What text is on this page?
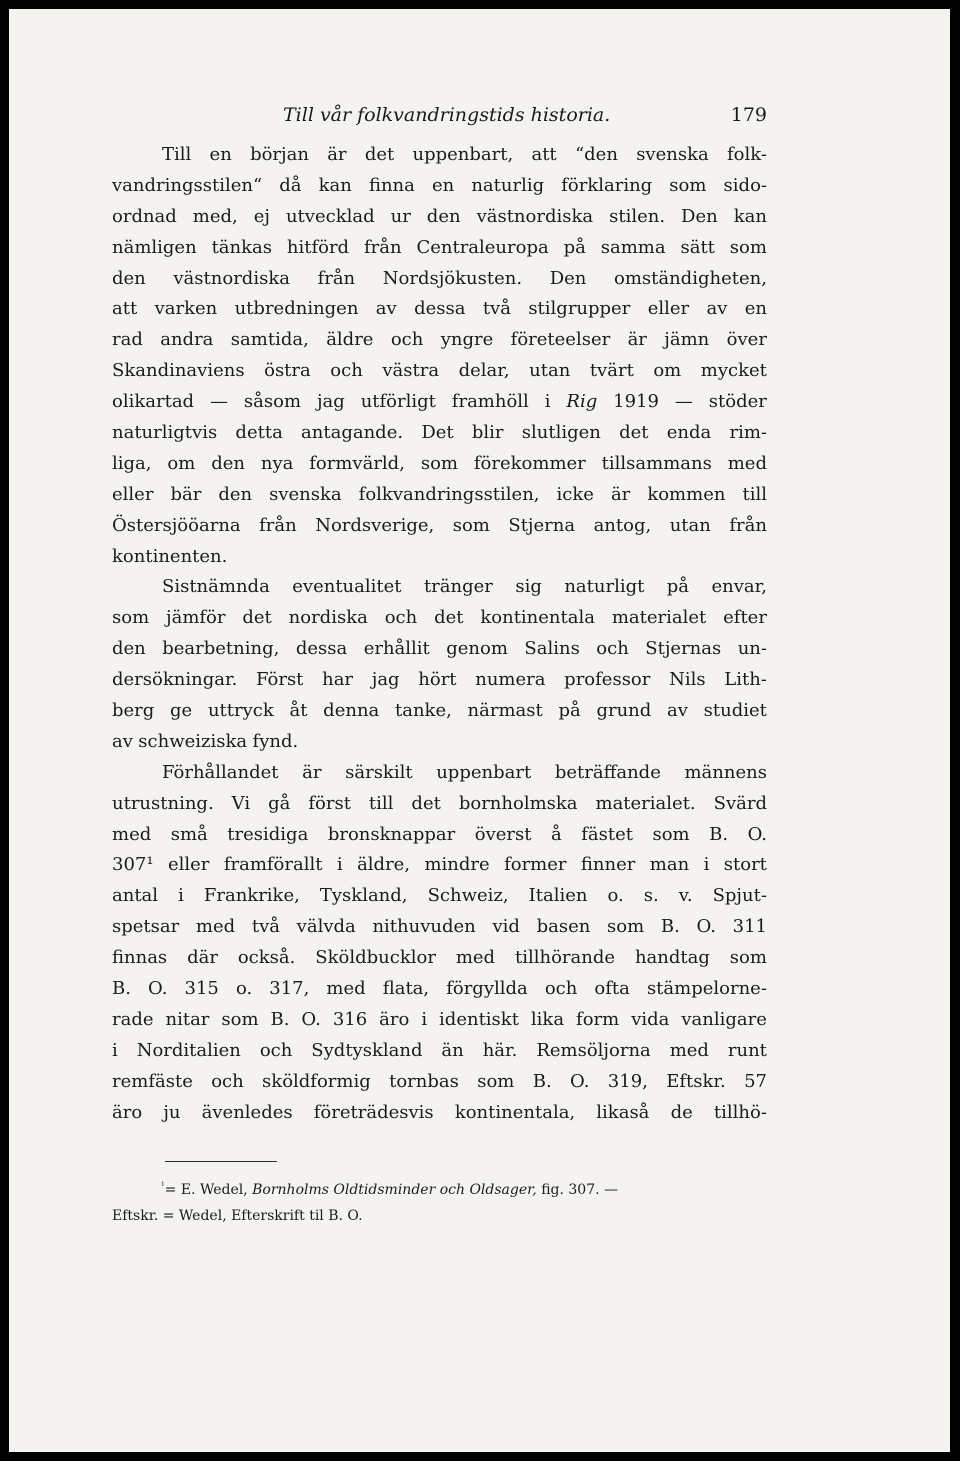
Till vår folkvandringstids historia.	179
Till en början är det uppenbart, att “den svenska folk-
vandringsstilen“ då kan finna en naturlig förklaring som sido-
ordnad med, ej utvecklad ur den västnordiska stilen. Den kan
nämligen tänkas hitförd från Centraleuropa på samma sätt som
den västnordiska från Nordsjökusten. Den omständigheten,
att varken utbredningen av dessa två stilgrupper eller av en
rad andra samtida, äldre och yngre företeelser är jämn över
Skandinaviens östra och västra delar, utan tvärt om mycket
olikartad — såsom jag utförligt framhöll i Rig 1919 — stöder
naturligtvis detta antagande. Det blir slutligen det enda rim-
liga, om den nya formvärld, som förekommer tillsammans med
eller bär den svenska folkvandringsstilen, icke är kommen till
Östersjööarna från Nordsverige, som Stjerna antog, utan från
kontinenten.
Sistnämnda eventualitet tränger sig naturligt på envar,
som jämför det nordiska och det kontinentala materialet efter
den bearbetning, dessa erhållit genom Salins och Stjernas un-
dersökningar. Först har jag hört numera professor Nils Lith-
berg ge uttryck åt denna tanke, närmast på grund av studiet
av schweiziska fynd.
Förhållandet är särskilt uppenbart beträffande männens
utrustning. Vi gå först till det bornholmska materialet. Svärd
med små tresidiga bronsknappar överst å fästet som B. O.
307¹ eller framförallt i äldre, mindre former finner man i stort
antal i Frankrike, Tyskland, Schweiz, Italien o. s. v. Spjut-
spetsar med två välvda nithuvuden vid basen som B. O. 311
finnas där också. Sköldbucklor med tillhörande handtag som
B. O. 315 o. 317, med flata, förgyllda och ofta stämpelorne-
rade nitar som B. O. 316 äro i identiskt lika form vida vanligare
i Norditalien och Sydtyskland än här. Remsöljorna med runt
remfäste och sköldformig tornbas som B. O. 319, Eftskr. 57
äro ju ävenledes företrädesvis kontinentala, likaså de tillhö-
$^{^1}$= E. Wedel, Bornholms Oldtidsminder och Oldsager, fig. 307. —
Eftskr. = Wedel, Efterskrift til B. O.
